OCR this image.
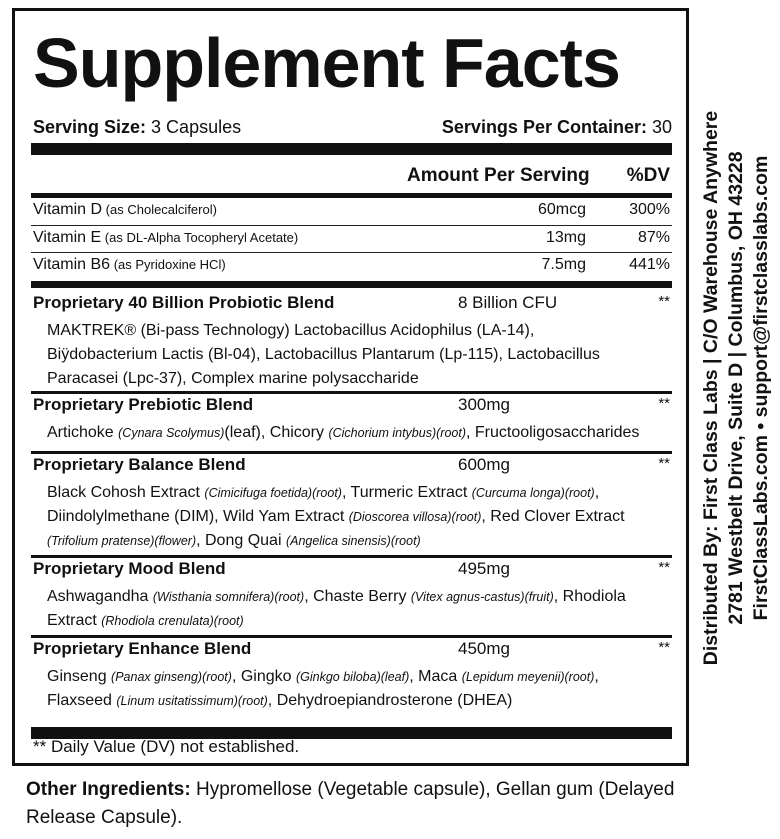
Supplement Facts
Serving Size: 3 Capsules	Servings Per Container: 30
Amount Per Serving %DV
Vitamin D (as Cholecalciferol)	60mcg	300%
Vitamin E (as DL-Alpha Tocopheryl Acetate)	13mg	87%
Vitamin B6 (as Pyridoxine HCl)	7.5mg	441%
Proprietary 40 Billion Probiotic Blend	8 Billion CFU	**
MAKTREK® (Bi-pass Technology) Lactobacillus Acidophilus (LA-14),
Biÿdobacterium Lactis (Bl-04), Lactobacillus Plantarum (Lp-115), Lactobacillus
Paracasei (Lpc-37), Complex marine polysaccharide
Proprietary Prebiotic Blend	300mg	**
Artichoke (Cynara Scolymus)(leaf), Chicory (Cichorium intybus)(root), Fructooligosaccharides
Proprietary Balance Blend	600mg	**
Black Cohosh Extract (Cimicifuga foetida)(root), Turmeric Extract (Curcuma longa)(root),
Diindolylmethane (DIM), Wild Yam Extract (Dioscorea villosa)(root), Red Clover Extract
(Trifolium pratense)(flower), Dong Quai (Angelica sinensis)(root)
Proprietary Mood Blend	495mg	**
Ashwagandha (Wisthania somnifera)(root), Chaste Berry (Vitex agnus-castus)(fruit), Rhodiola
Extract (Rhodiola crenulata)(root)
Proprietary Enhance Blend	450mg	**
Ginseng (Panax ginseng)(root), Gingko (Ginkgo biloba)(leaf), Maca (Lepidum meyenii)(root),
Flaxseed (Linum usitatissimum)(root), Dehydroepiandrosterone (DHEA)
** Daily Value (DV) not established.
Other Ingredients: Hypromellose (Vegetable capsule), Gellan gum (Delayed Release Capsule).
Distributed By: First Class Labs | C/O Warehouse Anywhere 2781 Westbelt Drive, Suite D | Columbus, OH 43228 FirstClassLabs.com • support@firstclasslabs.com
